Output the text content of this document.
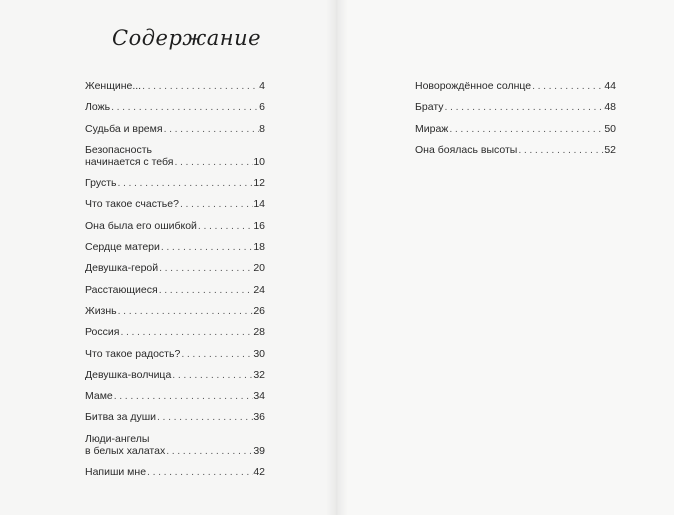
Содержание
Женщине... .....	4
Ложь .....	6
Судьба и время .....	8
Безопасность
начинается с тебя .....	10
Грусть .....	12
Что такое счастье? .....	14
Она была его ошибкой .....	16
Сердце матери .....	18
Девушка-герой .....	20
Расстающиеся .....	24
Жизнь .....	26
Россия .....	28
Что такое радость? .....	30
Девушка-волчица .....	32
Маме .....	34
Битва за души .....	36
Люди-ангелы
в белых халатах .....	39
Напиши мне .....	42
Новорождённое солнце .....	44
Брату .....	48
Мираж .....	50
Она боялась высоты .....	52
